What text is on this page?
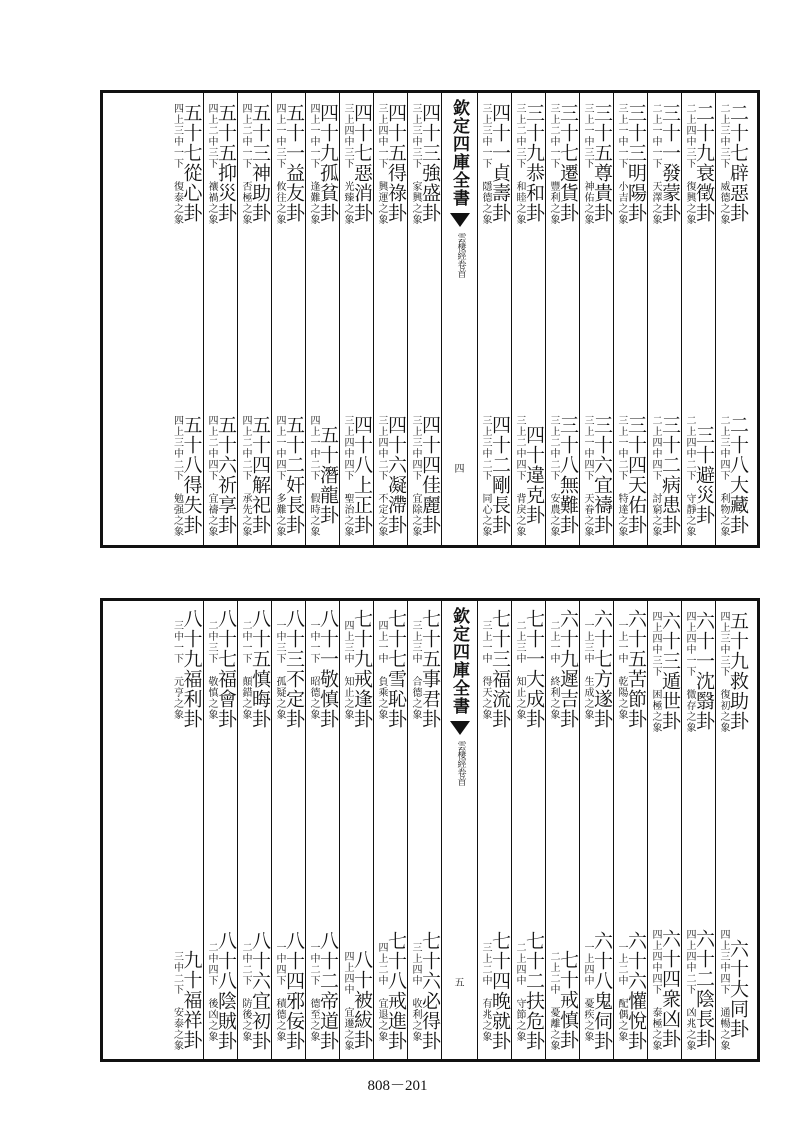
二十七辟惡卦
二上三中三下 威德之象
二十八大藏卦
二上三中四下 利物之象
二十九衰徵卦
二上四中三下 復興之象
三十避災卦
二上四中二下 守靜之象
三十一發蒙卦
二上一中一下 天澤之象
三十二病患卦
二上四中四下 討窮之象
三十三明陽卦
三上一中一下 小吉之象
三十四天佑卦
三上一中二下 特達之象
三十五尊貴卦
三上一中三下 神佑之象
三十六宜禱卦
三上一中四下 天眷之象
三十七遷貨卦
三上二中一下 豐利之象
三十八無難卦
三上二中二下 安農之象
三十九恭和卦
三上二中三下 和睦之象
四十違克卦
三上二中四下 背戾之象
四十一貞壽卦
三上三中一下 隱德之象
四十二剛長卦
三上三中二下 同心之象
欽定四庫全書
雲棲經卷首
四
四十三強盛卦
三上三中三下 家興之象
四十四佳麗卦
三上三中四下 宜除之象
四十五得祿卦
三上四中一下 興運之象
四十六凝滯卦
三上四中二下 不定之象
四十七惡消卦
三上四中三下 光臻之象
四十八上正卦
三上四中四下 聖治之象
四十九孤貧卦
四上一中一下 逢難之象
五十潛龍卦
四上一中二下 假時之象
五十一益友卦
四上一中三下 攸往之象
五十二奸長卦
四上一中四下 多難之象
五十三神助卦
四上二中一下 否極之象
五十四解祀卦
四上二中二下 承先之象
五十五抑災卦
四上二中三下 禳禍之象
五十六祈享卦
四上二中四下 宜禱之象
五十七從心卦
四上三中一下 復泰之象
五十八得失卦
四上三中二下 勉强之象
五十九救助卦
四上三中三下 復初之象
六十大同卦
四上三中四下 通暢之象
六十一沈翳卦
四上四中一下 微存之象
六十二陰長卦
四上四中二下 凶兆之象
六十三遁世卦
四上四中三下 困極之象
六十四衆凶卦
四上四中四下 泰極之象
六十五苦節卦
一上一中 乾陽之象
六十六懽悅卦
一上二中 配偶之象
六十七方遂卦
一上三中 生成之象
六十八鬼伺卦
一上四中 憂疾之象
六十九遲吉卦
二上一中 終利之象
七十戒慎卦
二上二中 憂離之象
七十一大成卦
二上三中 知止之象
七十二扶危卦
二上四中 守節之象
七十三福流卦
三上一中 得天之象
七十四晚就卦
三上二中 有兆之象
欽定四庫全書
雲棲經卷首
五
七十五事君卦
三上三中 合德之象
七十六必得卦
三上四中 收利之象
七十七雪恥卦
四上一中 負乘之象
七十八戒進卦
四上二中 宜退之象
七十九戒逢卦
四上三中 知止之象
八十被紱卦
四上四中 宜遷之象
八十一敬慎卦
一中一下 昭德之象
八十二帝道卦
一中二下 德至之象
八十三不定卦
一中三下 孤疑之象
八十四邪佞卦
一中四下 積德之象
八十五慎晦卦
二中一下 顛錯之象
八十六宜初卦
二中二下 防後之象
八十七福會卦
二中三下 敬慎之象
八十八陰賊卦
二中四下 後凶之象
八十九福利卦
三中一下 元亨之象
九十福祥卦
三中二下 安泰之象
808－201
